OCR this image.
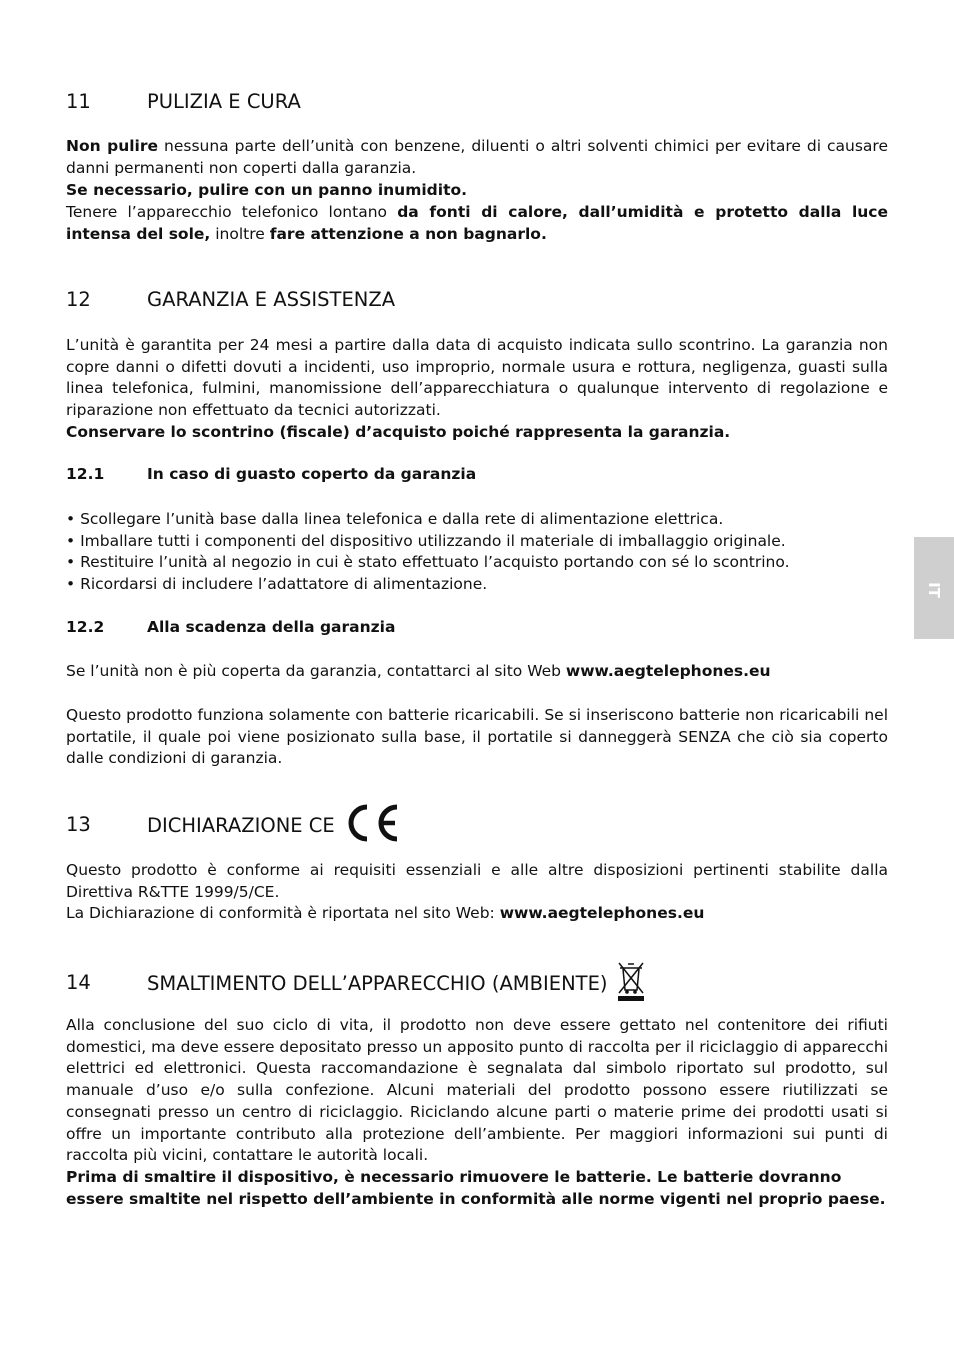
11	PULIZIA E CURA
Non pulire nessuna parte dell’unità con benzene, diluenti o altri solventi chimici per evitare di causare danni permanenti non coperti dalla garanzia.
Se necessario, pulire con un panno inumidito.
Tenere l’apparecchio telefonico lontano da fonti di calore, dall’umidità e protetto dalla luce intensa del sole, inoltre fare attenzione a non bagnarlo.
12	GARANZIA E ASSISTENZA
L’unità è garantita per 24 mesi a partire dalla data di acquisto indicata sullo scontrino. La garanzia non copre danni o difetti dovuti a incidenti, uso improprio, normale usura e rottura, negligenza, guasti sulla linea telefonica, fulmini, manomissione dell’apparecchiatura o qualunque intervento di regolazione e riparazione non effettuato da tecnici autorizzati.
Conservare lo scontrino (fiscale) d’acquisto poiché rappresenta la garanzia.
12.1	In caso di guasto coperto da garanzia
• Scollegare l’unità base dalla linea telefonica e dalla rete di alimentazione elettrica.
• Imballare tutti i componenti del dispositivo utilizzando il materiale di imballaggio originale.
• Restituire l’unità al negozio in cui è stato effettuato l’acquisto portando con sé lo scontrino.
• Ricordarsi di includere l’adattatore di alimentazione.
12.2	Alla scadenza della garanzia
Se l’unità non è più coperta da garanzia, contattarci al sito Web www.aegtelephones.eu
Questo prodotto funziona solamente con batterie ricaricabili. Se si inseriscono batterie non ricaricabili nel portatile, il quale poi viene posizionato sulla base, il portatile si danneggerà SENZA che ciò sia coperto dalle condizioni di garanzia.
13	DICHIARAZIONE CE
Questo prodotto è conforme ai requisiti essenziali e alle altre disposizioni pertinenti stabilite dalla Direttiva R&TTE 1999/5/CE.
La Dichiarazione di conformità è riportata nel sito Web: www.aegtelephones.eu
14	SMALTIMENTO DELL’APPARECCHIO (AMBIENTE)
Alla conclusione del suo ciclo di vita, il prodotto non deve essere gettato nel contenitore dei rifiuti domestici, ma deve essere depositato presso un apposito punto di raccolta per il riciclaggio di apparecchi elettrici ed elettronici. Questa raccomandazione è segnalata dal simbolo riportato sul prodotto, sul manuale d’uso e/o sulla confezione. Alcuni materiali del prodotto possono essere riutilizzati se consegnati presso un centro di riciclaggio. Riciclando alcune parti o materie prime dei prodotti usati si offre un importante contributo alla protezione dell’ambiente. Per maggiori informazioni sui punti di raccolta più vicini, contattare le autorità locali.
Prima di smaltire il dispositivo, è necessario rimuovere le batterie. Le batterie dovranno essere smaltite nel rispetto dell’ambiente in conformità alle norme vigenti nel proprio paese.
IT
